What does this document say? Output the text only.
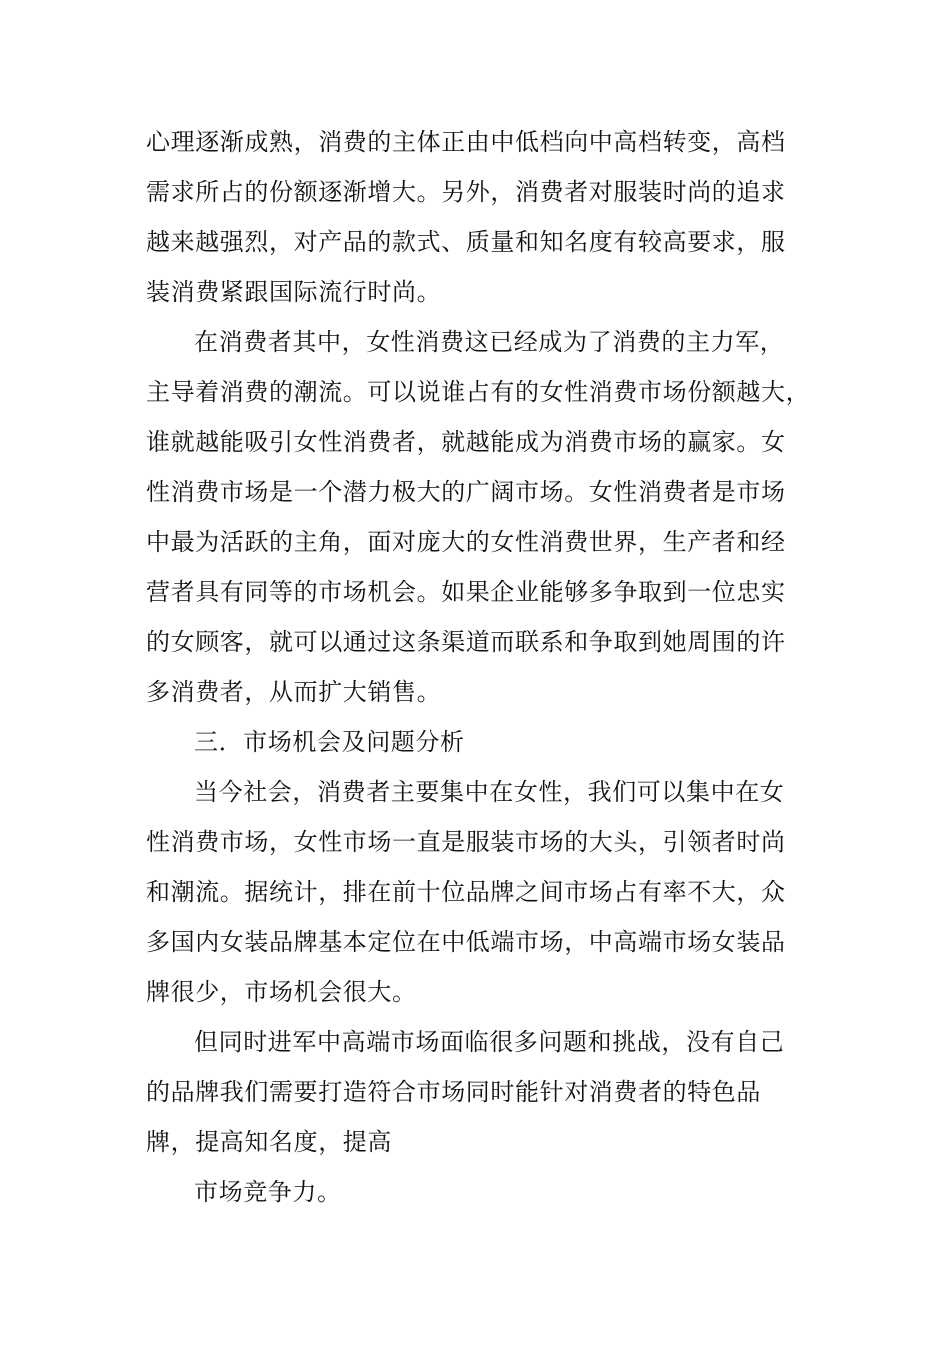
心理逐渐成熟，消费的主体正由中低档向中高档转变，高档
需求所占的份额逐渐增大。另外，消费者对服装时尚的追求
越来越强烈，对产品的款式、质量和知名度有较高要求，服
装消费紧跟国际流行时尚。
在消费者其中，女性消费这已经成为了消费的主力军，
主导着消费的潮流。可以说谁占有的女性消费市场份额越大，
谁就越能吸引女性消费者，就越能成为消费市场的赢家。女
性消费市场是一个潜力极大的广阔市场。女性消费者是市场
中最为活跃的主角，面对庞大的女性消费世界，生产者和经
营者具有同等的市场机会。如果企业能够多争取到一位忠实
的女顾客，就可以通过这条渠道而联系和争取到她周围的许
多消费者，从而扩大销售。
三．市场机会及问题分析
当今社会，消费者主要集中在女性，我们可以集中在女
性消费市场，女性市场一直是服装市场的大头，引领者时尚
和潮流。据统计，排在前十位品牌之间市场占有率不大，众
多国内女装品牌基本定位在中低端市场，中高端市场女装品
牌很少，市场机会很大。
但同时进军中高端市场面临很多问题和挑战，没有自己
的品牌我们需要打造符合市场同时能针对消费者的特色品
牌，提高知名度，提高
市场竞争力。
